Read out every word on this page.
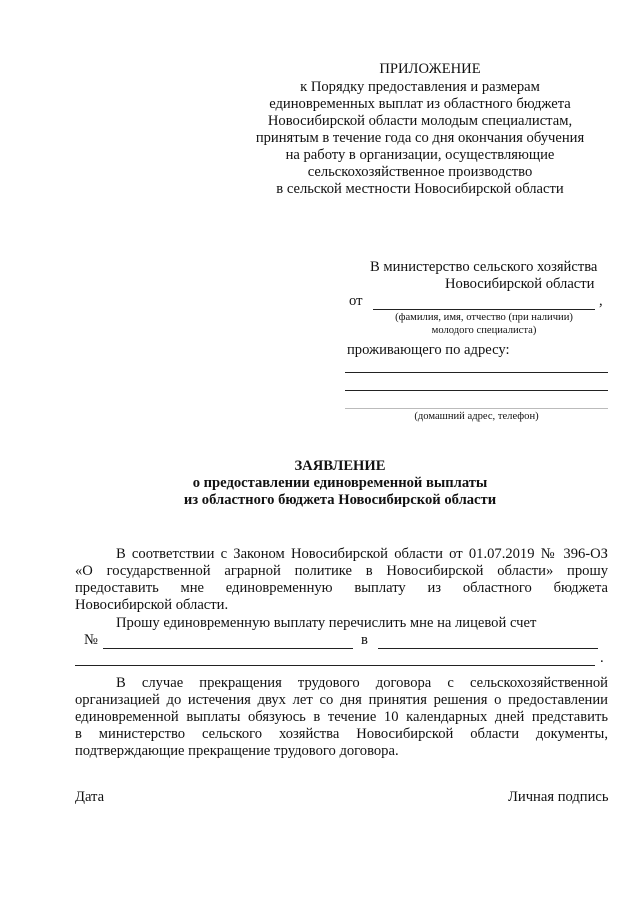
ПРИЛОЖЕНИЕ
к Порядку предоставления и размерам
единовременных выплат из областного бюджета
Новосибирской области молодым специалистам,
принятым в течение года со дня окончания обучения
на работу в организации, осуществляющие
сельскохозяйственное производство
в сельской местности Новосибирской области
В министерство сельского хозяйства
Новосибирской области
от	,
(фамилия, имя, отчество (при наличии)
молодого специалиста)
проживающего по адресу:
(домашний адрес, телефон)
ЗАЯВЛЕНИЕ
о предоставлении единовременной выплаты
из областного бюджета Новосибирской области
В соответствии с Законом Новосибирской области от 01.07.2019 № 396-ОЗ
«О государственной аграрной политике в Новосибирской области» прошу
предоставить мне единовременную выплату из областного бюджета
Новосибирской области.
Прошу единовременную выплату перечислить мне на лицевой счет
№	в
.
В случае прекращения трудового договора с сельскохозяйственной
организацией до истечения двух лет со дня принятия решения о предоставлении
единовременной выплаты обязуюсь в течение 10 календарных дней представить
в министерство сельского хозяйства Новосибирской области документы,
подтверждающие прекращение трудового договора.
Дата	Личная подпись
